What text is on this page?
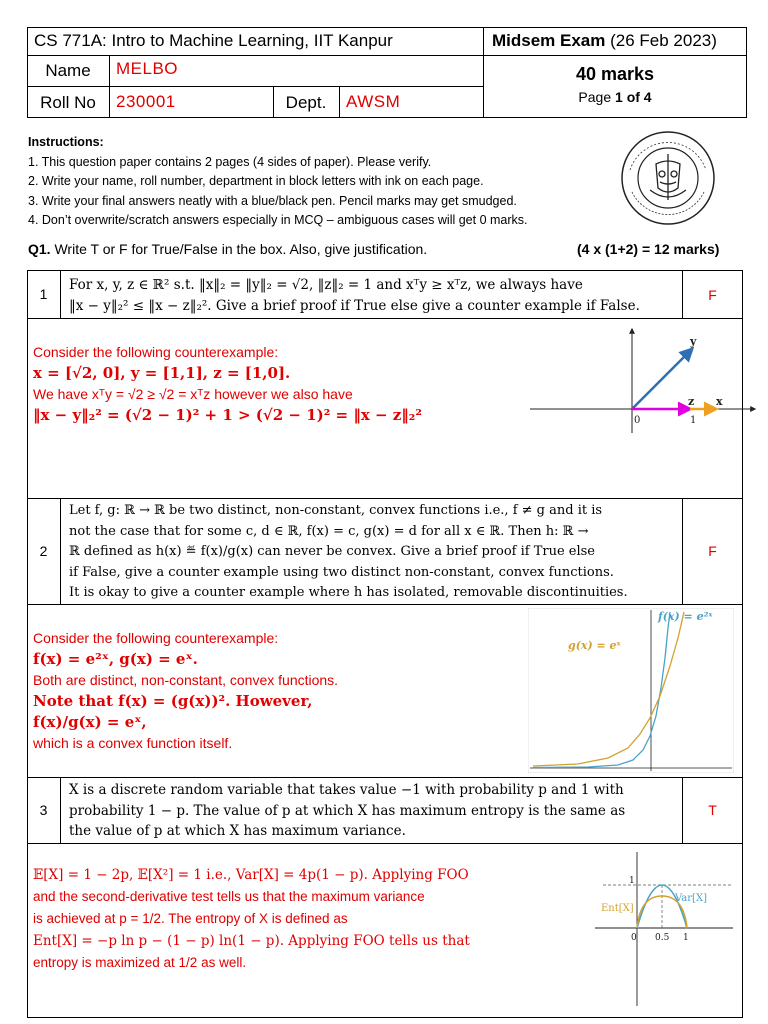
CS 771A: Intro to Machine Learning, IIT Kanpur	Midsem Exam (26 Feb 2023)
Name	MELBO
Roll No	230001	Dept.	AWSM
40 marks
Page 1 of 4
Instructions:
1. This question paper contains 2 pages (4 sides of paper). Please verify.
2. Write your name, roll number, department in block letters with ink on each page.
3. Write your final answers neatly with a blue/black pen. Pencil marks may get smudged.
4. Don’t overwrite/scratch answers especially in MCQ – ambiguous cases will get 0 marks.
Q1. Write T or F for True/False in the box. Also, give justification.	(4 x (1+2) = 12 marks)
1
For x, y, z ∈ ℝ² s.t. ‖x‖₂ = ‖y‖₂ = √2, ‖z‖₂ = 1 and xᵀy ≥ xᵀz, we always have
‖x − y‖₂² ≤ ‖x − z‖₂². Give a brief proof if True else give a counter example if False.
F
Consider the following counterexample:
x = [√2, 0], y = [1,1], z = [1,0].
We have xᵀy = √2 ≥ √2 = xᵀz however we also have
‖x − y‖₂² = (√2 − 1)² + 1 > (√2 − 1)² = ‖x − z‖₂²
y
z x
0	1
2
Let f, g: ℝ → ℝ be two distinct, non-constant, convex functions i.e., f ≠ g and it is
not the case that for some c, d ∈ ℝ, f(x) = c, g(x) = d for all x ∈ ℝ. Then h: ℝ →
ℝ defined as h(x) ≝ f(x)/g(x) can never be convex. Give a brief proof if True else
if False, give a counter example using two distinct non-constant, convex functions.
It is okay to give a counter example where h has isolated, removable discontinuities.
F
Consider the following counterexample:
f(x) = e²ˣ, g(x) = eˣ.
Both are distinct, non-constant, convex functions.
Note that f(x) = (g(x))². However,
f(x)/g(x) = eˣ,
which is a convex function itself.
f(x) = e²ˣ
g(x) = eˣ
3
X is a discrete random variable that takes value −1 with probability p and 1 with
probability 1 − p. The value of p at which X has maximum entropy is the same as
the value of p at which X has maximum variance.
T
𝔼[X] = 1 − 2p, 𝔼[X²] = 1 i.e., Var[X] = 4p(1 − p). Applying FOO
and the second-derivative test tells us that the maximum variance
is achieved at p = 1/2. The entropy of X is defined as
Ent[X] = −p ln p − (1 − p) ln(1 − p). Applying FOO tells us that
entropy is maximized at 1/2 as well.
1
Var[X]
Ent[X]
0 0.5 1
